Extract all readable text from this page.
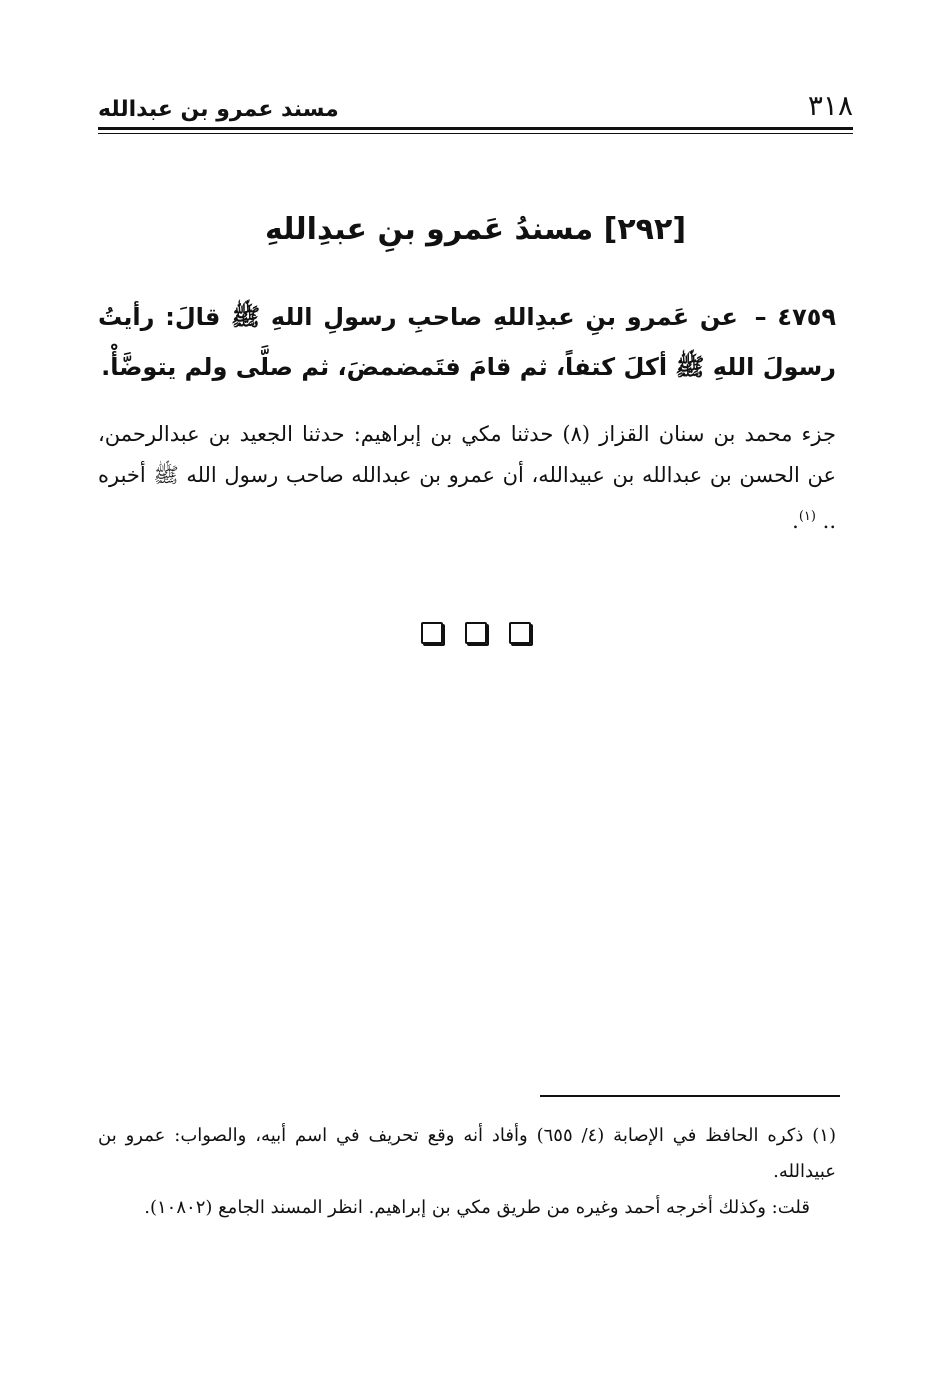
مسند عمرو بن عبدالله	٣١٨
[٢٩٢] مسندُ عَمرو بنِ عبدِاللهِ
٤٧٥٩ – عن عَمرو بنِ عبدِاللهِ صاحبِ رسولِ اللهِ ﷺ قالَ: رأيتُ رسولَ اللهِ ﷺ أكلَ كتفاً، ثم قامَ فتَمضمضَ، ثم صلَّى ولم يتوضَّأْ.
جزء محمد بن سنان القزاز (٨) حدثنا مكي بن إبراهيم: حدثنا الجعيد بن عبدالرحمن، عن الحسن بن عبدالله بن عبيدالله، أن عمرو بن عبدالله صاحب رسول الله ﷺ أخبره .. $^{(١)}$.

(١) ذكره الحافظ في الإصابة (٤/ ٦٥٥) وأفاد أنه وقع تحريف في اسم أبيه، والصواب: عمرو بن عبيدالله.

قلت: وكذلك أخرجه أحمد وغيره من طريق مكي بن إبراهيم. انظر المسند الجامع (١٠٨٠٢).
